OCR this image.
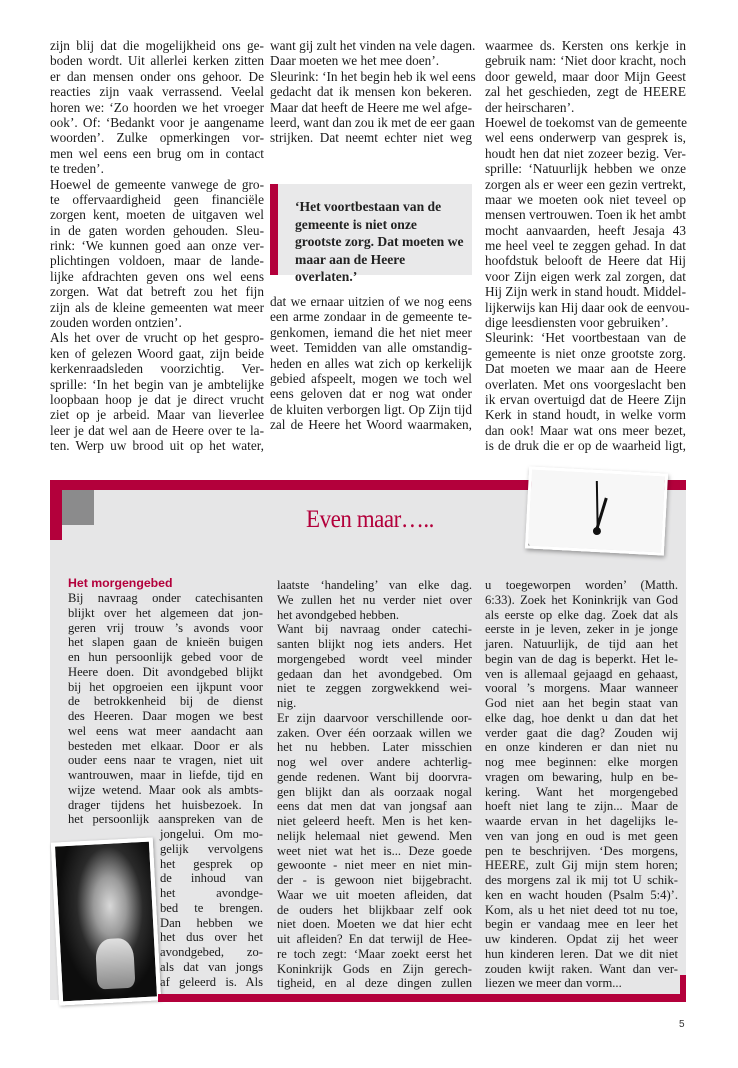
zijn blij dat die mogelijkheid ons ge-
boden wordt. Uit allerlei kerken zitten
er dan mensen onder ons gehoor. De
reacties zijn vaak verrassend. Veelal
horen we: ‘Zo hoorden we het vroeger
ook’. Of: ‘Bedankt voor je aangename
woorden’. Zulke opmerkingen vor-
men wel eens een brug om in contact
te treden’.
Hoewel de gemeente vanwege de gro-
te offervaardigheid geen financiële
zorgen kent, moeten de uitgaven wel
in de gaten worden gehouden. Sleu-
rink: ‘We kunnen goed aan onze ver-
plichtingen voldoen, maar de lande-
lijke afdrachten geven ons wel eens
zorgen. Wat dat betreft zou het fijn
zijn als de kleine gemeenten wat meer
zouden worden ontzien’.
Als het over de vrucht op het gespro-
ken of gelezen Woord gaat, zijn beide
kerkenraadsleden voorzichtig. Ver-
sprille: ‘In het begin van je ambtelijke
loopbaan hoop je dat je direct vrucht
ziet op je arbeid. Maar van lieverlee
leer je dat wel aan de Heere over te la-
ten. Werp uw brood uit op het water,
want gij zult het vinden na vele dagen.
Daar moeten we het mee doen’.
Sleurink: ‘In het begin heb ik wel eens
gedacht dat ik mensen kon bekeren.
Maar dat heeft de Heere me wel afge-
leerd, want dan zou ik met de eer gaan
strijken. Dat neemt echter niet weg
‘Het voortbestaan van de gemeente is niet onze grootste zorg. Dat moeten we maar aan de Heere overlaten.’
dat we ernaar uitzien of we nog eens
een arme zondaar in de gemeente te-
genkomen, iemand die het niet meer
weet. Temidden van alle omstandig-
heden en alles wat zich op kerkelijk
gebied afspeelt, mogen we toch wel
eens geloven dat er nog wat onder
de kluiten verborgen ligt. Op Zijn tijd
zal de Heere het Woord waarmaken,
waarmee ds. Kersten ons kerkje in
gebruik nam: ‘Niet door kracht, noch
door geweld, maar door Mijn Geest
zal het geschieden, zegt de HEERE
der heirscharen’.
Hoewel de toekomst van de gemeente
wel eens onderwerp van gesprek is,
houdt hen dat niet zozeer bezig. Ver-
sprille: ‘Natuurlijk hebben we onze
zorgen als er weer een gezin vertrekt,
maar we moeten ook niet teveel op
mensen vertrouwen. Toen ik het ambt
mocht aanvaarden, heeft Jesaja 43
me heel veel te zeggen gehad. In dat
hoofdstuk belooft de Heere dat Hij
voor Zijn eigen werk zal zorgen, dat
Hij Zijn werk in stand houdt. Middel-
lijkerwijs kan Hij daar ook de eenvou-
dige leesdiensten voor gebruiken’.
Sleurink: ‘Het voortbestaan van de
gemeente is niet onze grootste zorg.
Dat moeten we maar aan de Heere
overlaten. Met ons voorgeslacht ben
ik ervan overtuigd dat de Heere Zijn
Kerk in stand houdt, in welke vorm
dan ook! Maar wat ons meer bezet,
is de druk die er op de waarheid ligt,
Even maar…..
Het morgengebed
Bij navraag onder catechisanten
blijkt over het algemeen dat jon-
geren vrij trouw ’s avonds voor
het slapen gaan de knieën buigen
en hun persoonlijk gebed voor de
Heere doen. Dit avondgebed blijkt
bij het opgroeien een ijkpunt voor
de betrokkenheid bij de dienst
des Heeren. Daar mogen we best
wel eens wat meer aandacht aan
besteden met elkaar. Door er als
ouder eens naar te vragen, niet uit
wantrouwen, maar in liefde, tijd en
wijze wetend. Maar ook als ambts-
drager tijdens het huisbezoek. In
het persoonlijk aanspreken van de
jongelui. Om mo-
gelijk vervolgens
het gesprek op
de inhoud van
het avondge-
bed te brengen.
Dan hebben we
het dus over het
avondgebed, zo-
als dat van jongs
af geleerd is. Als
laatste ‘handeling’ van elke dag.
We zullen het nu verder niet over
het avondgebed hebben.
Want bij navraag onder catechi-
santen blijkt nog iets anders. Het
morgengebed wordt veel minder
gedaan dan het avondgebed. Om
niet te zeggen zorgwekkend wei-
nig.
Er zijn daarvoor verschillende oor-
zaken. Over één oorzaak willen we
het nu hebben. Later misschien
nog wel over andere achterlig-
gende redenen. Want bij doorvra-
gen blijkt dan als oorzaak nogal
eens dat men dat van jongsaf aan
niet geleerd heeft. Men is het ken-
nelijk helemaal niet gewend. Men
weet niet wat het is... Deze goede
gewoonte - niet meer en niet min-
der - is gewoon niet bijgebracht.
Waar we uit moeten afleiden, dat
de ouders het blijkbaar zelf ook
niet doen. Moeten we dat hier echt
uit afleiden? En dat terwijl de Hee-
re toch zegt: ‘Maar zoekt eerst het
Koninkrijk Gods en Zijn gerech-
tigheid, en al deze dingen zullen
u toegeworpen worden’ (Matth.
6:33). Zoek het Koninkrijk van God
als eerste op elke dag. Zoek dat als
eerste in je leven, zeker in je jonge
jaren. Natuurlijk, de tijd aan het
begin van de dag is beperkt. Het le-
ven is allemaal gejaagd en gehaast,
vooral ’s morgens. Maar wanneer
God niet aan het begin staat van
elke dag, hoe denkt u dan dat het
verder gaat die dag? Zouden wij
en onze kinderen er dan niet nu
nog mee beginnen: elke morgen
vragen om bewaring, hulp en be-
kering. Want het morgengebed
hoeft niet lang te zijn... Maar de
waarde ervan in het dagelijks le-
ven van jong en oud is met geen
pen te beschrijven. ‘Des morgens,
HEERE, zult Gij mijn stem horen;
des morgens zal ik mij tot U schik-
ken en wacht houden (Psalm 5:4)’.
Kom, als u het niet deed tot nu toe,
begin er vandaag mee en leer het
uw kinderen. Opdat zij het weer
hun kinderen leren. Dat we dit niet
zouden kwijt raken. Want dan ver-
liezen we meer dan vorm...
5
